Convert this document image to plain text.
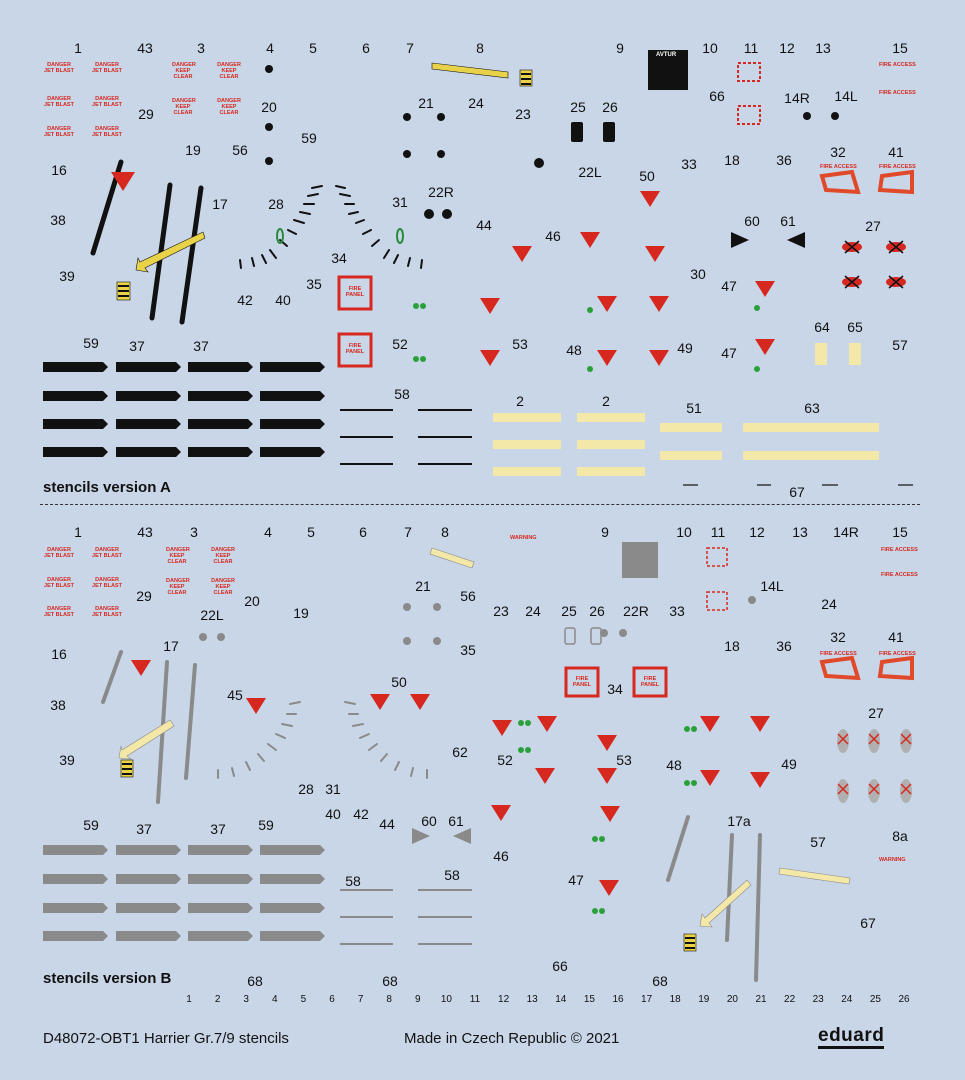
DANGER JET BLAST
DANGER JET BLAST
DANGER JET BLAST
DANGER JET BLAST
DANGER JET BLAST
DANGER JET BLAST
DANGER KEEP CLEAR
DANGER KEEP CLEAR
DANGER KEEP CLEAR
DANGER KEEP CLEAR
FIRE ACCESS
FIRE ACCESS
FIRE ACCESS	FIRE ACCESS
FIRE PANEL
FIRE PANEL
AVTUR
DANGER JET BLAST
DANGER JET BLAST
DANGER JET BLAST
DANGER JET BLAST
DANGER JET BLAST
DANGER JET BLAST
DANGER KEEP CLEAR
DANGER KEEP CLEAR
DANGER KEEP CLEAR
DANGER KEEP CLEAR
FIRE ACCESS
FIRE ACCESS
FIRE ACCESS	FIRE ACCESS
FIRE PANEL
FIRE PANEL
WARNING
WARNING
1	43	3	4	5	6	7	8	9	10 11 12 13	15
66	14R 14L
29	20	21 24
23	25 26
19 56
59
18	36	32	41
33
16	22L	50
22R
17	28	31
38	44
46
60 61	27
34
30
47
39	35
42 40
64 65
59 37	37	52	53	48	49 47	57
58	2	2	51	63
67
1	43	3	4	5	6	7 8	9	10 11 12 13 14R 15
21	14L
29	20	56	24
22L	19	23 24 25 26 22R 33
32	41
17	35	18	36
16
50	34
45
38	27
62
39	52	53 48	49
28 31
40 42
44 60 61	17a
59	37	37 59
57	8a
46
58	58	47
67
66
68	68	68
1 2 3 4 5 6 7 8 9 10 11 12 13 14 15 16 17 18 19 20 21 22 23 24 25 26
stencils version A
stencils version B
D48072-OBT1 Harrier Gr.7/9 stencils	Made in Czech Republic © 2021	eduard
